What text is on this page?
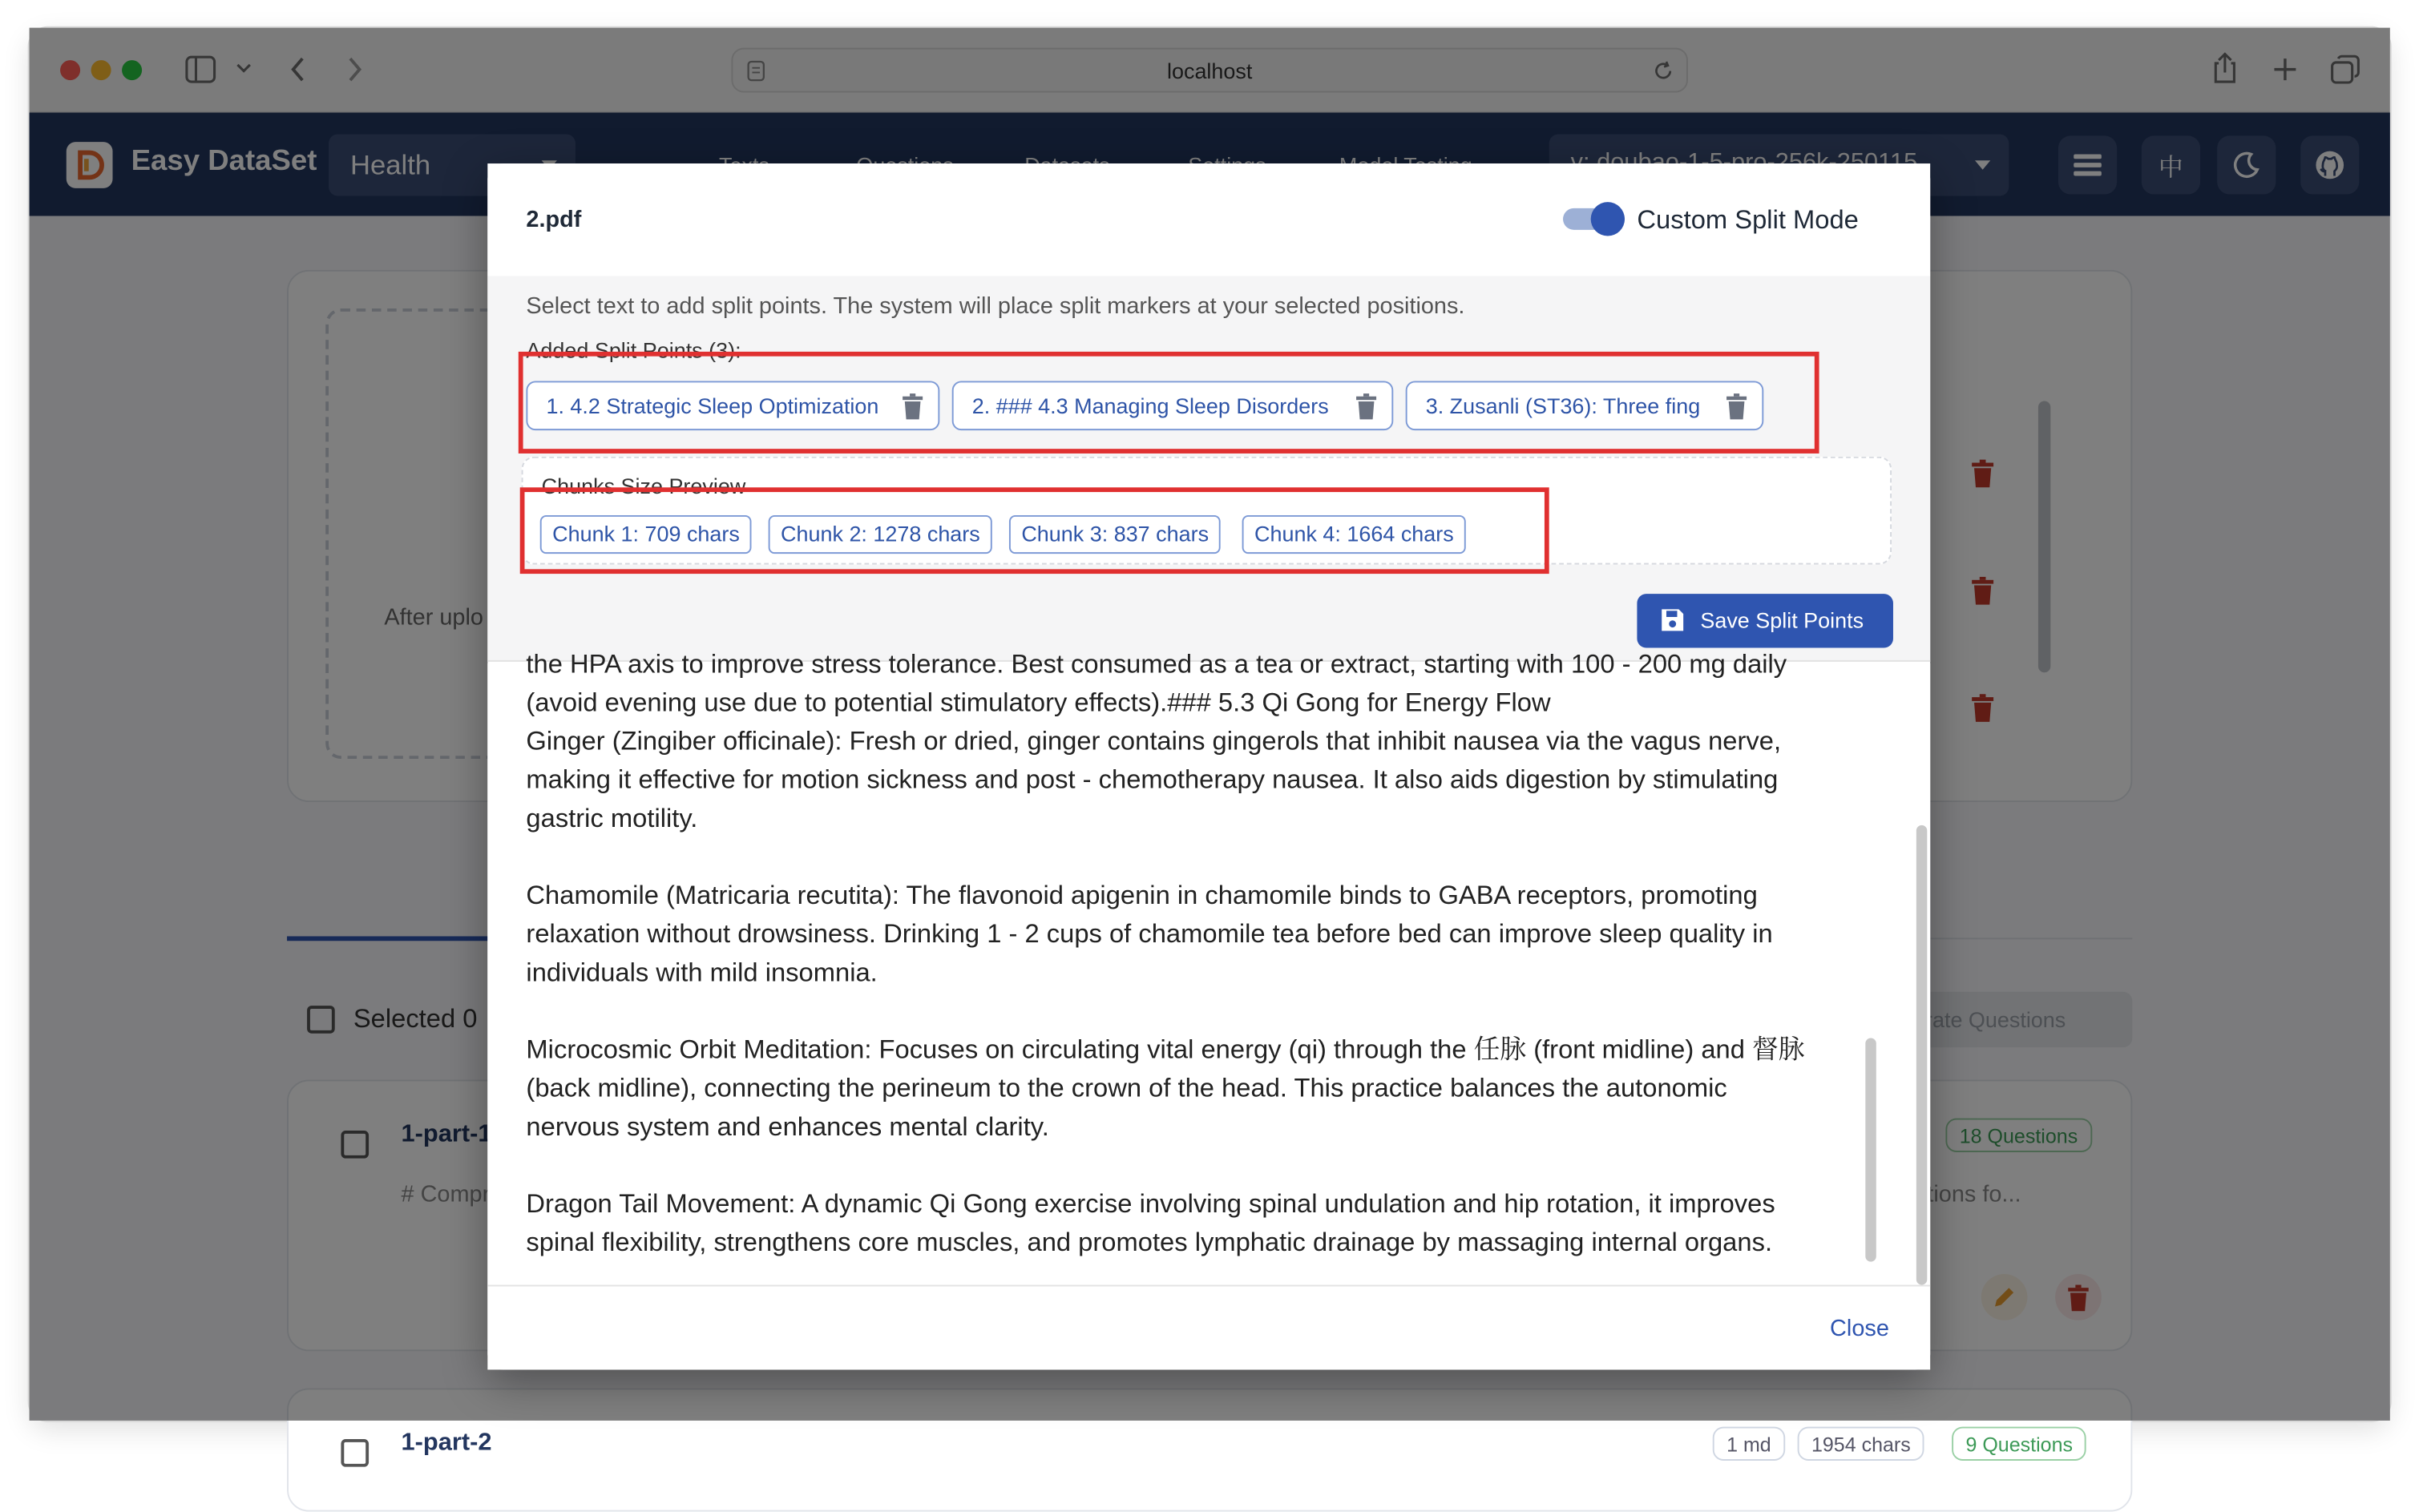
1-part-2	1 md	1954 chars	9 Questions
2.pdf	Custom Split Mode
Select text to add split points. The system will place split markers at your selected positions.
Added Split Points (3):
1. 4.2 Strategic Sleep Optimization	2. ### 4.3 Managing Sleep Disorders	3. Zusanli (ST36): Three fing
Chunks Size Preview
Chunk 1: 709 chars	Chunk 2: 1278 chars	Chunk 3: 837 chars	Chunk 4: 1664 chars
Save Split Points
the HPA axis to improve stress tolerance. Best consumed as a tea or extract, starting with 100 - 200 mg daily
(avoid evening use due to potential stimulatory effects).### 5.3 Qi Gong for Energy Flow
Ginger (Zingiber officinale): Fresh or dried, ginger contains gingerols that inhibit nausea via the vagus nerve,
making it effective for motion sickness and post - chemotherapy nausea. It also aids digestion by stimulating
gastric motility.

Chamomile (Matricaria recutita): The flavonoid apigenin in chamomile binds to GABA receptors, promoting
relaxation without drowsiness. Drinking 1 - 2 cups of chamomile tea before bed can improve sleep quality in
individuals with mild insomnia.

Microcosmic Orbit Meditation: Focuses on circulating vital energy (qi) through the 任脉 (front midline) and 督脉
(back midline), connecting the perineum to the crown of the head. This practice balances the autonomic
nervous system and enhances mental clarity.

Dragon Tail Movement: A dynamic Qi Gong exercise involving spinal undulation and hip rotation, it improves
spinal flexibility, strengthens core muscles, and promotes lymphatic drainage by massaging internal organs.
Close
